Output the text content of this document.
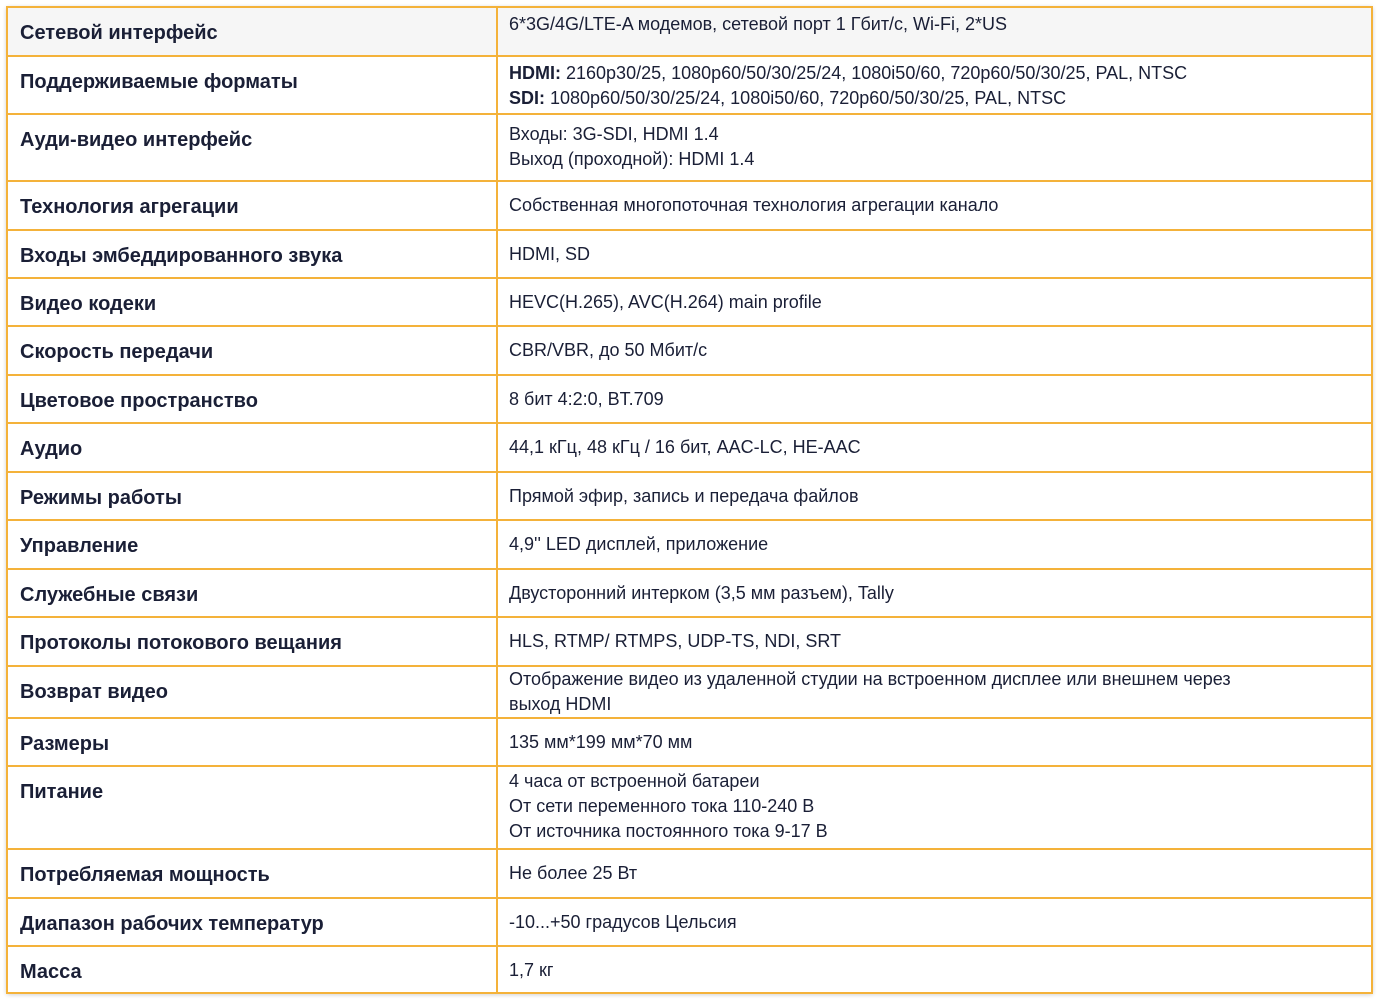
Сетевой интерфейс	6*3G/4G/LTE-A модемов, сетевой порт 1 Гбит/с, Wi-Fi, 2*US

Поддерживаемые форматы	HDMI: 2160p30/25, 1080p60/50/30/25/24, 1080i50/60, 720p60/50/30/25, PAL, NTSC
SDI: 1080p60/50/30/25/24, 1080i50/60, 720p60/50/30/25, PAL, NTSC

Ауди-видео интерфейс	Входы: 3G-SDI, HDMI 1.4
Выход (проходной): HDMI 1.4

Технология агрегации	Собственная многопоточная технология агрегации канало

Входы эмбеддированного звука	HDMI, SD

Видео кодеки	HEVC(H.265), AVC(H.264) main profile

Скорость передачи	CBR/VBR, до 50 Мбит/с

Цветовое пространство	8 бит 4:2:0, BT.709

Аудио	44,1 кГц, 48 кГц / 16 бит, AAC-LC, HE-AAC

Режимы работы	Прямой эфир, запись и передача файлов

Управление	4,9'' LED дисплей, приложение

Служебные связи	Двусторонний интерком (3,5 мм разъем), Tally

Протоколы потокового вещания	HLS, RTMP/ RTMPS, UDP-TS, NDI, SRT

Возврат видео	Отображение видео из удаленной студии на встроенном дисплее или внешнем через
выход HDMI

Размеры	135 мм*199 мм*70 мм

Питание	4 часа от встроенной батареи
От сети переменного тока 110-240 В
От источника постоянного тока 9-17 В

Потребляемая мощность	Не более 25 Вт

Диапазон рабочих температур	-10...+50 градусов Цельсия

Масса	1,7 кг
